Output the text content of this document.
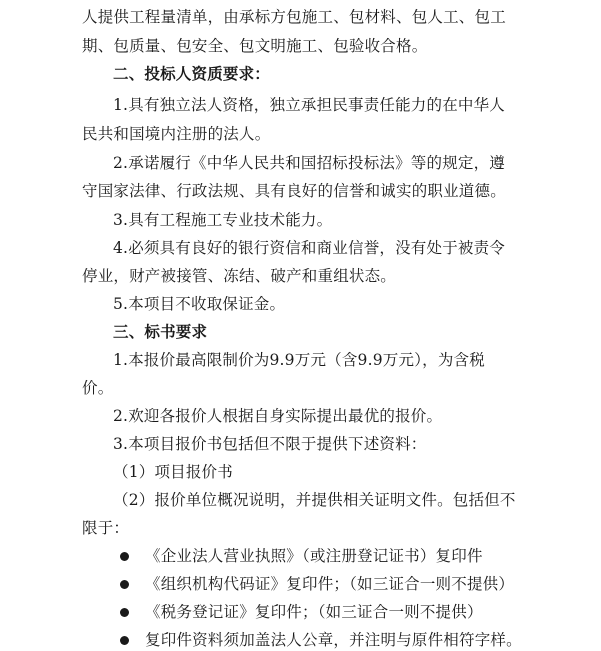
人提供工程量清单，由承标方包施工、包材料、包人工、包工
期、包质量、包安全、包文明施工、包验收合格。
二、投标人资质要求：
1.具有独立法人资格，独立承担民事责任能力的在中华人
民共和国境内注册的法人。
2.承诺履行《中华人民共和国招标投标法》等的规定，遵
守国家法律、行政法规、具有良好的信誉和诚实的职业道德。
3.具有工程施工专业技术能力。
4.必须具有良好的银行资信和商业信誉，没有处于被责令
停业，财产被接管、冻结、破产和重组状态。
5.本项目不收取保证金。
三、标书要求
1.本报价最高限制价为9.9万元（含9.9万元），为含税
价。
2.欢迎各报价人根据自身实际提出最优的报价。
3.本项目报价书包括但不限于提供下述资料：
（1）项目报价书
（2）报价单位概况说明，并提供相关证明文件。包括但不
限于：
《企业法人营业执照》（或注册登记证书）复印件
《组织机构代码证》复印件；（如三证合一则不提供）
《税务登记证》复印件；（如三证合一则不提供）
复印件资料须加盖法人公章，并注明与原件相符字样。
